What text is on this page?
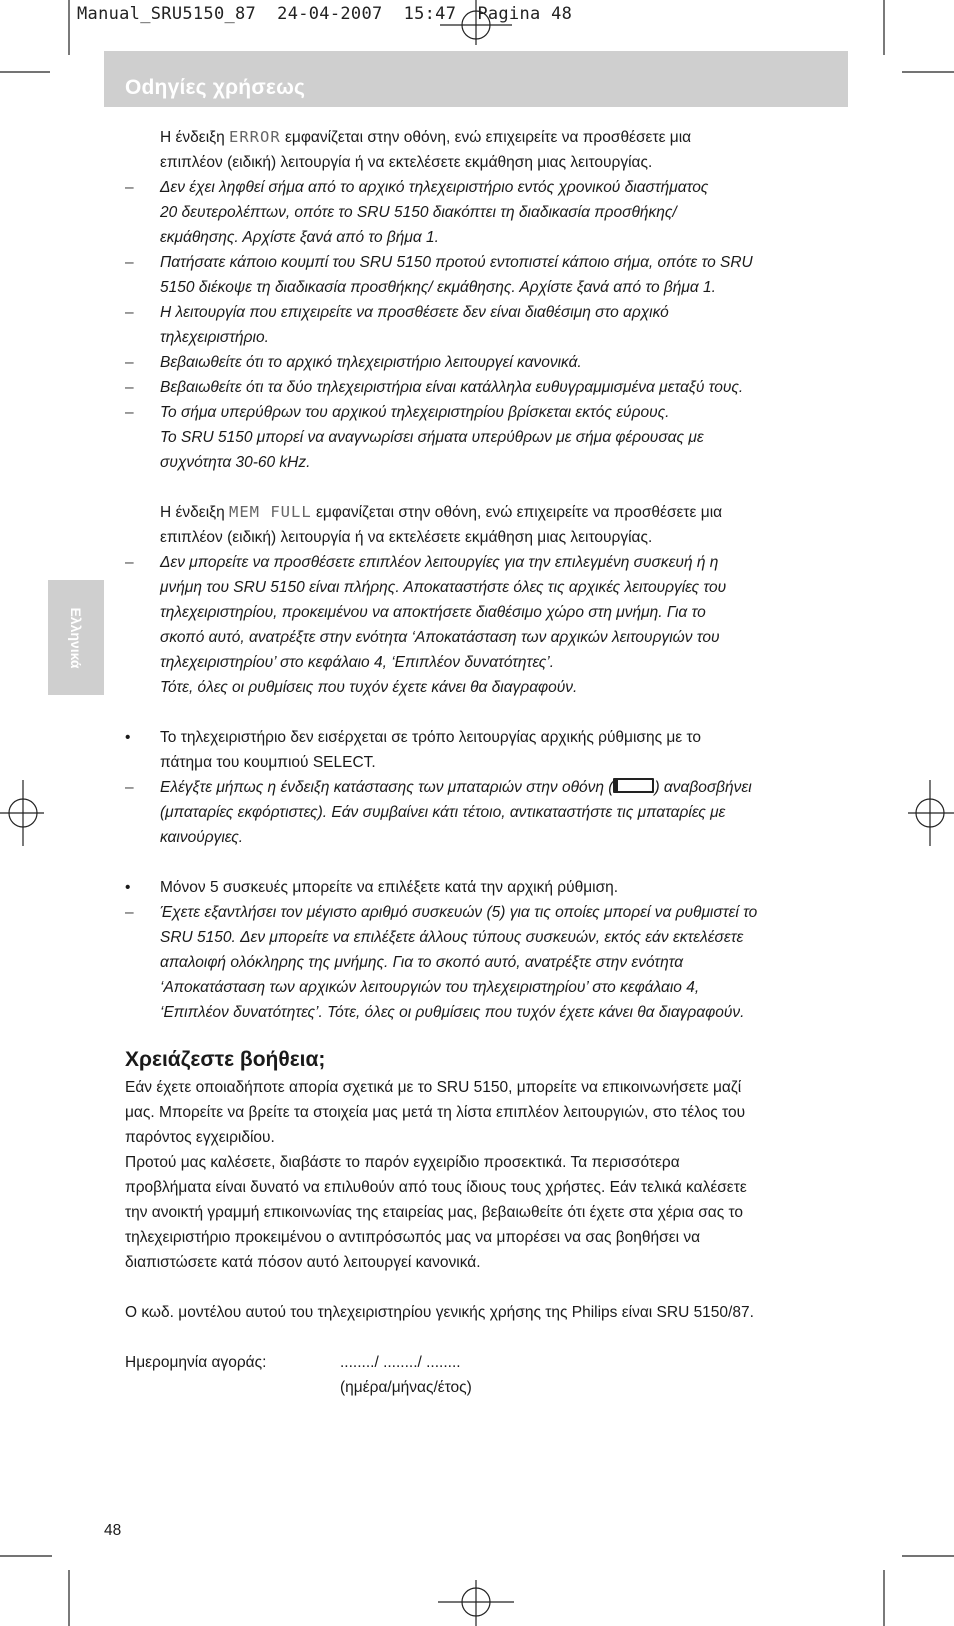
Manual_SRU5150_87  24-04-2007  15:47  Pagina 48
Odηγίες χρήσεως
Ελληνικά

Η ένδειξη ERROR εμφανίζεται στην οθόνη, ενώ επιχειρείτε να προσθέσετε μια
επιπλέον (ειδική) λειτουργία ή να εκτελέσετε εκμάθηση μιας λειτουργίας.

– Δεν έχει ληφθεί σήμα από το αρχικό τηλεχειριστήριο εντός χρονικού διαστήματος

20 δευτερολέπτων, οπότε το SRU 5150 διακόπτει τη διαδικασία προσθήκης/

εκμάθησης. Αρχίστε ξανά από το βήμα 1.

– Πατήσατε κάποιο κουμπί του SRU 5150 προτού εντοπιστεί κάποιο σήμα, οπότε το SRU

5150 διέκοψε τη διαδικασία προσθήκης/ εκμάθησης. Αρχίστε ξανά από το βήμα 1.

– Η λειτουργία που επιχειρείτε να προσθέσετε δεν είναι διαθέσιμη στο αρχικό

τηλεχειριστήριο.

– Βεβαιωθείτε ότι το αρχικό τηλεχειριστήριο λειτουργεί κανονικά.

– Βεβαιωθείτε ότι τα δύο τηλεχειριστήρια είναι κατάλληλα ευθυγραμμισμένα μεταξύ τους.

– Το σήμα υπερύθρων του αρχικού τηλεχειριστηρίου βρίσκεται εκτός εύρους.

Το SRU 5150 μπορεί να αναγνωρίσει σήματα υπερύθρων με σήμα φέρουσας με

συχνότητα 30-60 kHz.

Η ένδειξη MEM FULL εμφανίζεται στην οθόνη, ενώ επιχειρείτε να προσθέσετε μια
επιπλέον (ειδική) λειτουργία ή να εκτελέσετε εκμάθηση μιας λειτουργίας.

– Δεν μπορείτε να προσθέσετε επιπλέον λειτουργίες για την επιλεγμένη συσκευή ή η

μνήμη του SRU 5150 είναι πλήρης. Αποκαταστήστε όλες τις αρχικές λειτουργίες του

τηλεχειριστηρίου, προκειμένου να αποκτήσετε διαθέσιμο χώρο στη μνήμη. Για το

σκοπό αυτό, ανατρέξτε στην ενότητα ‘Αποκατάσταση των αρχικών λειτουργιών του

τηλεχειριστηρίου’ στο κεφάλαιο 4, ‘Επιπλέον δυνατότητες’.

Τότε, όλες οι ρυθμίσεις που τυχόν έχετε κάνει θα διαγραφούν.

• Το τηλεχειριστήριο δεν εισέρχεται σε τρόπο λειτουργίας αρχικής ρύθμισης με το
πάτημα του κουμπιού SELECT.

– Ελέγξτε μήπως η ένδειξη κατάστασης των μπαταριών στην οθόνη (	) αναβοσβήνει

(μπαταρίες εκφόρτιστες). Εάν συμβαίνει κάτι τέτοιο, αντικαταστήστε τις μπαταρίες με

καινούργιες.

• Μόνον 5 συσκευές μπορείτε να επιλέξετε κατά την αρχική ρύθμιση.

– Έχετε εξαντλήσει τον μέγιστο αριθμό συσκευών (5) για τις οποίες μπορεί να ρυθμιστεί το

SRU 5150. Δεν μπορείτε να επιλέξετε άλλους τύπους συσκευών, εκτός εάν εκτελέσετε

απαλοιφή ολόκληρης της μνήμης. Για το σκοπό αυτό, ανατρέξτε στην ενότητα

‘Αποκατάσταση των αρχικών λειτουργιών του τηλεχειριστηρίου’ στο κεφάλαιο 4,

‘Επιπλέον δυνατότητες’. Τότε, όλες οι ρυθμίσεις που τυχόν έχετε κάνει θα διαγραφούν.

Χρειάζεστε βοήθεια;

Εάν έχετε οποιαδήποτε απορία σχετικά με το SRU 5150, μπορείτε να επικοινωνήσετε μαζί

μας. Μπορείτε να βρείτε τα στοιχεία μας μετά τη λίστα επιπλέον λειτουργιών, στο τέλος του

παρόντος εγχειριδίου.

Προτού μας καλέσετε, διαβάστε το παρόν εγχειρίδιο προσεκτικά. Τα περισσότερα

προβλήματα είναι δυνατό να επιλυθούν από τους ίδιους τους χρήστες. Εάν τελικά καλέσετε

την ανοικτή γραμμή επικοινωνίας της εταιρείας μας, βεβαιωθείτε ότι έχετε στα χέρια σας το

τηλεχειριστήριο προκειμένου ο αντιπρόσωπός μας να μπορέσει να σας βοηθήσει να

διαπιστώσετε κατά πόσον αυτό λειτουργεί κανονικά.

Ο κωδ. μοντέλου αυτού του τηλεχειριστηρίου γενικής χρήσης της Philips είναι SRU 5150/87.

Ημερομηνία αγοράς:	......../ ......../ ........
(ημέρα/μήνας/έτος)
48
